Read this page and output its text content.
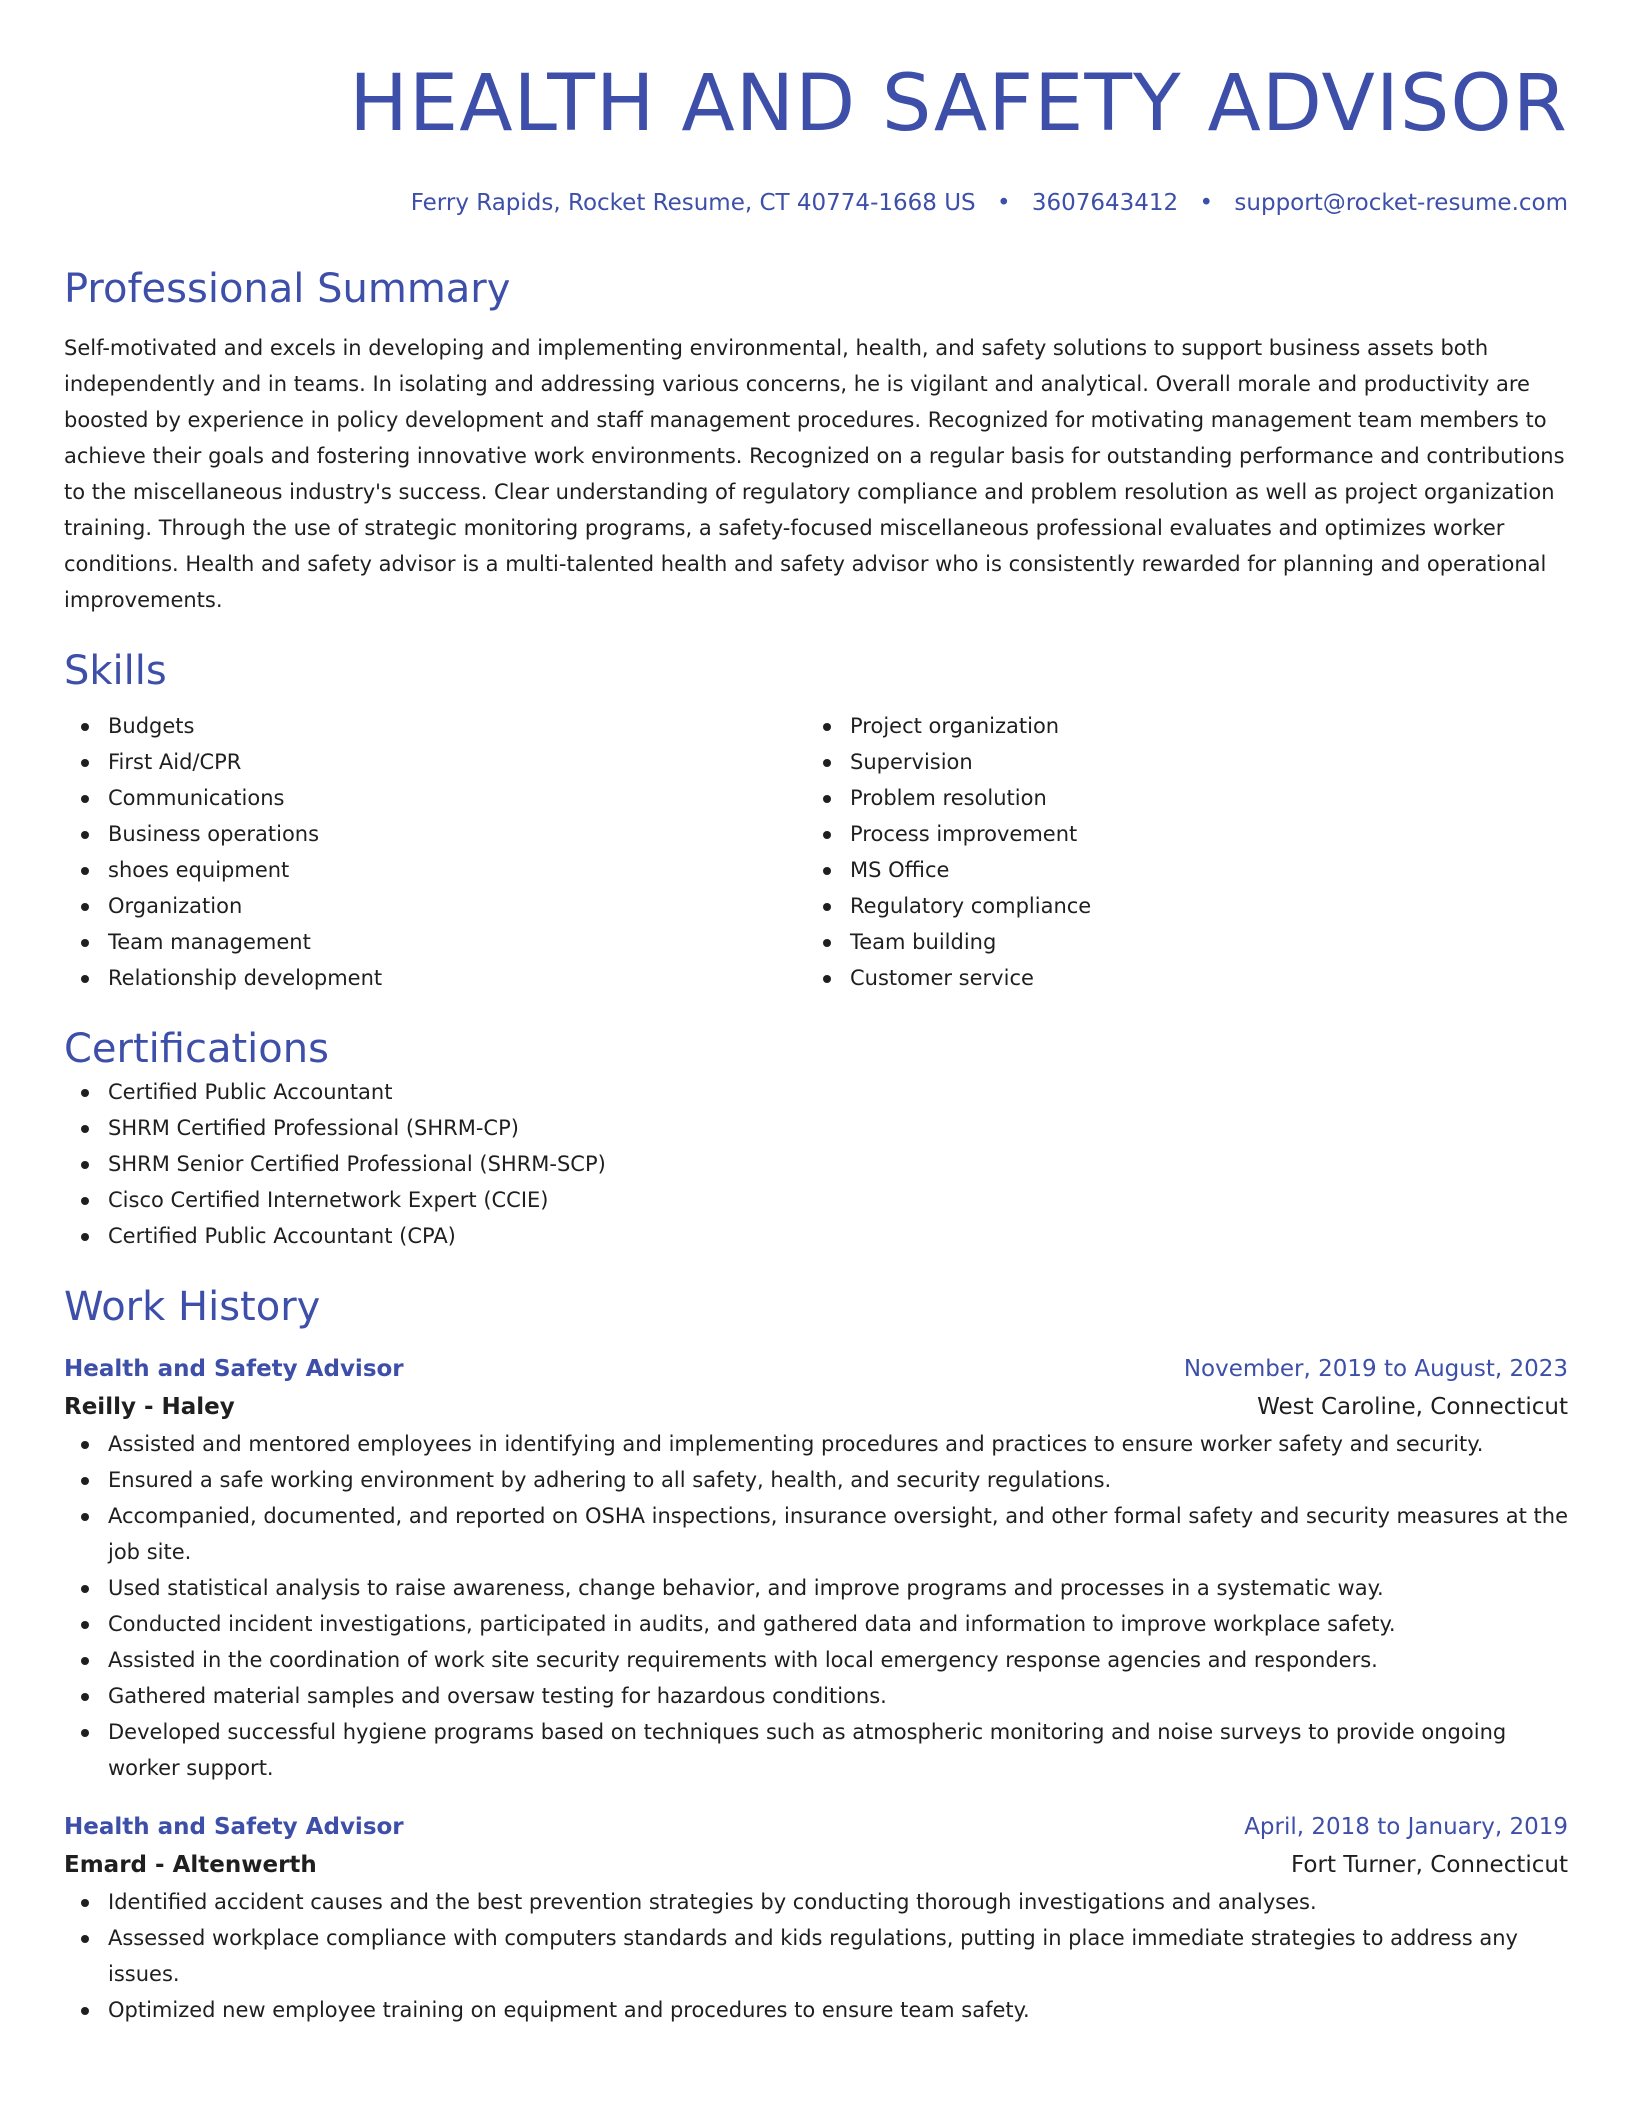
HEALTH AND SAFETY ADVISOR
Ferry Rapids, Rocket Resume, CT 40774-1668 US • 3607643412 • support@rocket-resume.com
Professional Summary

Self-motivated and excels in developing and implementing environmental, health, and safety solutions to support business assets both independently and in teams. In isolating and addressing various concerns, he is vigilant and analytical. Overall morale and productivity are boosted by experience in policy development and staff management procedures. Recognized for motivating management team members to achieve their goals and fostering innovative work environments. Recognized on a regular basis for outstanding performance and contributions to the miscellaneous industry's success. Clear understanding of regulatory compliance and problem resolution as well as project organization training. Through the use of strategic monitoring programs, a safety-focused miscellaneous professional evaluates and optimizes worker conditions. Health and safety advisor is a multi-talented health and safety advisor who is consistently rewarded for planning and operational improvements.

Skills
Budgets
First Aid/CPR
Communications
Business operations
shoes equipment
Organization
Team management
Relationship development
Project organization
Supervision
Problem resolution
Process improvement
MS Office
Regulatory compliance
Team building
Customer service
Certifications
Certified Public Accountant
SHRM Certified Professional (SHRM-CP)
SHRM Senior Certified Professional (SHRM-SCP)
Cisco Certified Internetwork Expert (CCIE)
Certified Public Accountant (CPA)
Work History
Health and Safety Advisor	November, 2019 to August, 2023
Reilly - Haley	West Caroline, Connecticut
Assisted and mentored employees in identifying and implementing procedures and practices to ensure worker safety and security.
Ensured a safe working environment by adhering to all safety, health, and security regulations.
Accompanied, documented, and reported on OSHA inspections, insurance oversight, and other formal safety and security measures at the job site.
Used statistical analysis to raise awareness, change behavior, and improve programs and processes in a systematic way.
Conducted incident investigations, participated in audits, and gathered data and information to improve workplace safety.
Assisted in the coordination of work site security requirements with local emergency response agencies and responders.
Gathered material samples and oversaw testing for hazardous conditions.
Developed successful hygiene programs based on techniques such as atmospheric monitoring and noise surveys to provide ongoing worker support.
Health and Safety Advisor	April, 2018 to January, 2019
Emard - Altenwerth	Fort Turner, Connecticut
Identified accident causes and the best prevention strategies by conducting thorough investigations and analyses.
Assessed workplace compliance with computers standards and kids regulations, putting in place immediate strategies to address any issues.
Optimized new employee training on equipment and procedures to ensure team safety.
